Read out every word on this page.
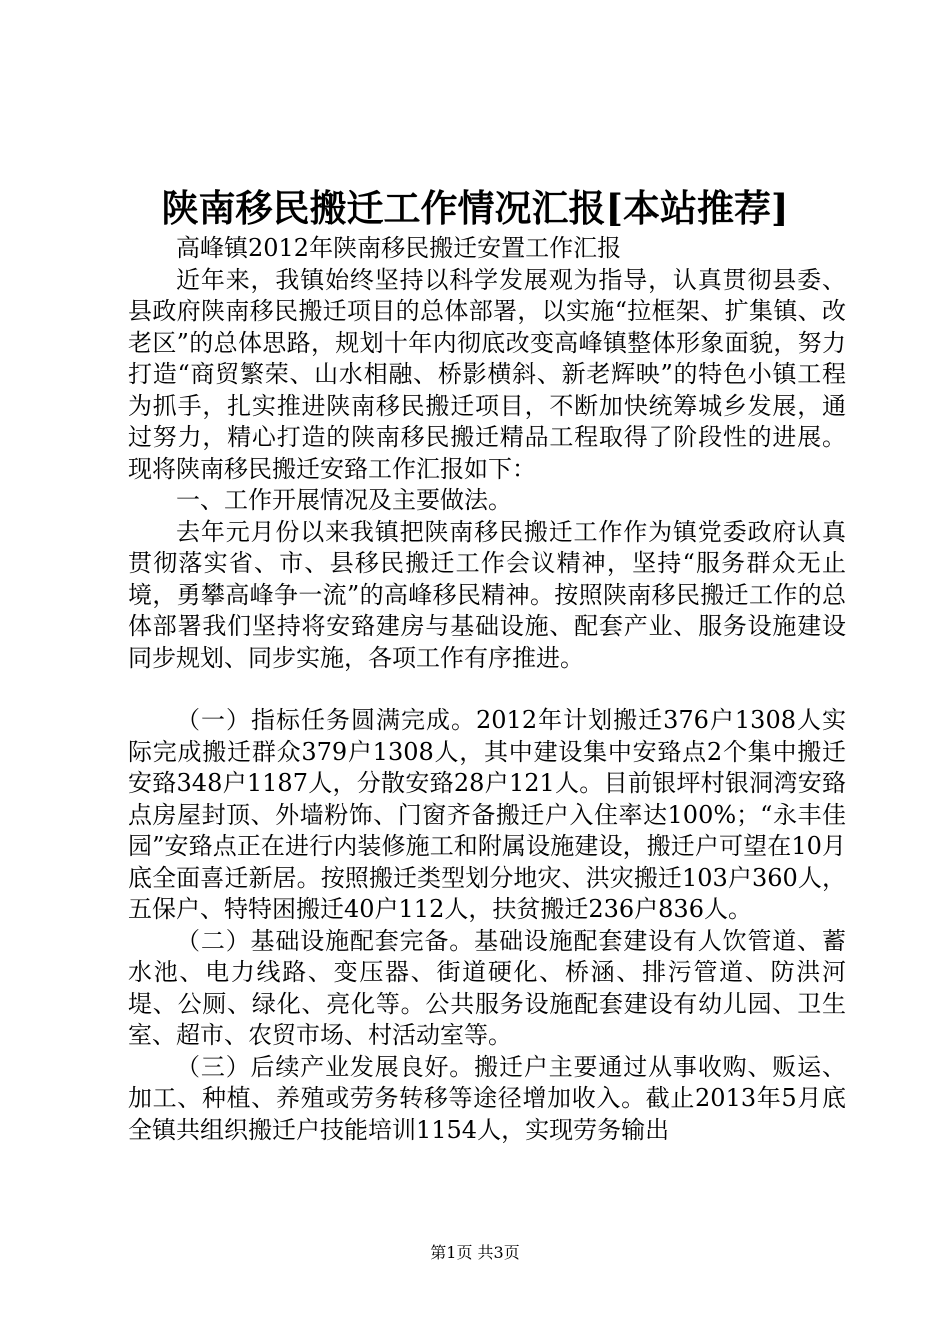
陕南移民搬迁工作情况汇报[本站推荐]

高峰镇2012年陕南移民搬迁安置工作汇报

近年来，我镇始终坚持以科学发展观为指导，认真贯彻县委、县政府陕南移民搬迁项目的总体部署，以实施“拉框架、扩集镇、改老区”的总体思路，规划十年内彻底改变高峰镇整体形象面貌，努力打造“商贸繁荣、山水相融、桥影横斜、新老辉映”的特色小镇工程为抓手，扎实推进陕南移民搬迁项目，不断加快统筹城乡发展，通过努力，精心打造的陕南移民搬迁精品工程取得了阶段性的进展。现将陕南移民搬迁安臵工作汇报如下：

一、工作开展情况及主要做法。

去年元月份以来我镇把陕南移民搬迁工作作为镇党委政府认真贯彻落实省、市、县移民搬迁工作会议精神，坚持“服务群众无止境，勇攀高峰争一流”的高峰移民精神。按照陕南移民搬迁工作的总体部署我们坚持将安臵建房与基础设施、配套产业、服务设施建设同步规划、同步实施，各项工作有序推进。

（一）指标任务圆满完成。2012年计划搬迁376户1308人实际完成搬迁群众379户1308人，其中建设集中安臵点2个集中搬迁安臵348户1187人，分散安臵28户121人。目前银坪村银洞湾安臵点房屋封顶、外墙粉饰、门窗齐备搬迁户入住率达100%；“永丰佳园”安臵点正在进行内装修施工和附属设施建设，搬迁户可望在10月底全面喜迁新居。按照搬迁类型划分地灾、洪灾搬迁103户360人，五保户、特特困搬迁40户112人，扶贫搬迁236户836人。

（二）基础设施配套完备。基础设施配套建设有人饮管道、蓄水池、电力线路、变压器、街道硬化、桥涵、排污管道、防洪河堤、公厕、绿化、亮化等。公共服务设施配套建设有幼儿园、卫生室、超市、农贸市场、村活动室等。

（三）后续产业发展良好。搬迁户主要通过从事收购、贩运、加工、种植、养殖或劳务转移等途径增加收入。截止2013年5月底全镇共组织搬迁户技能培训1154人，实现劳务输出

第1页 共3页
